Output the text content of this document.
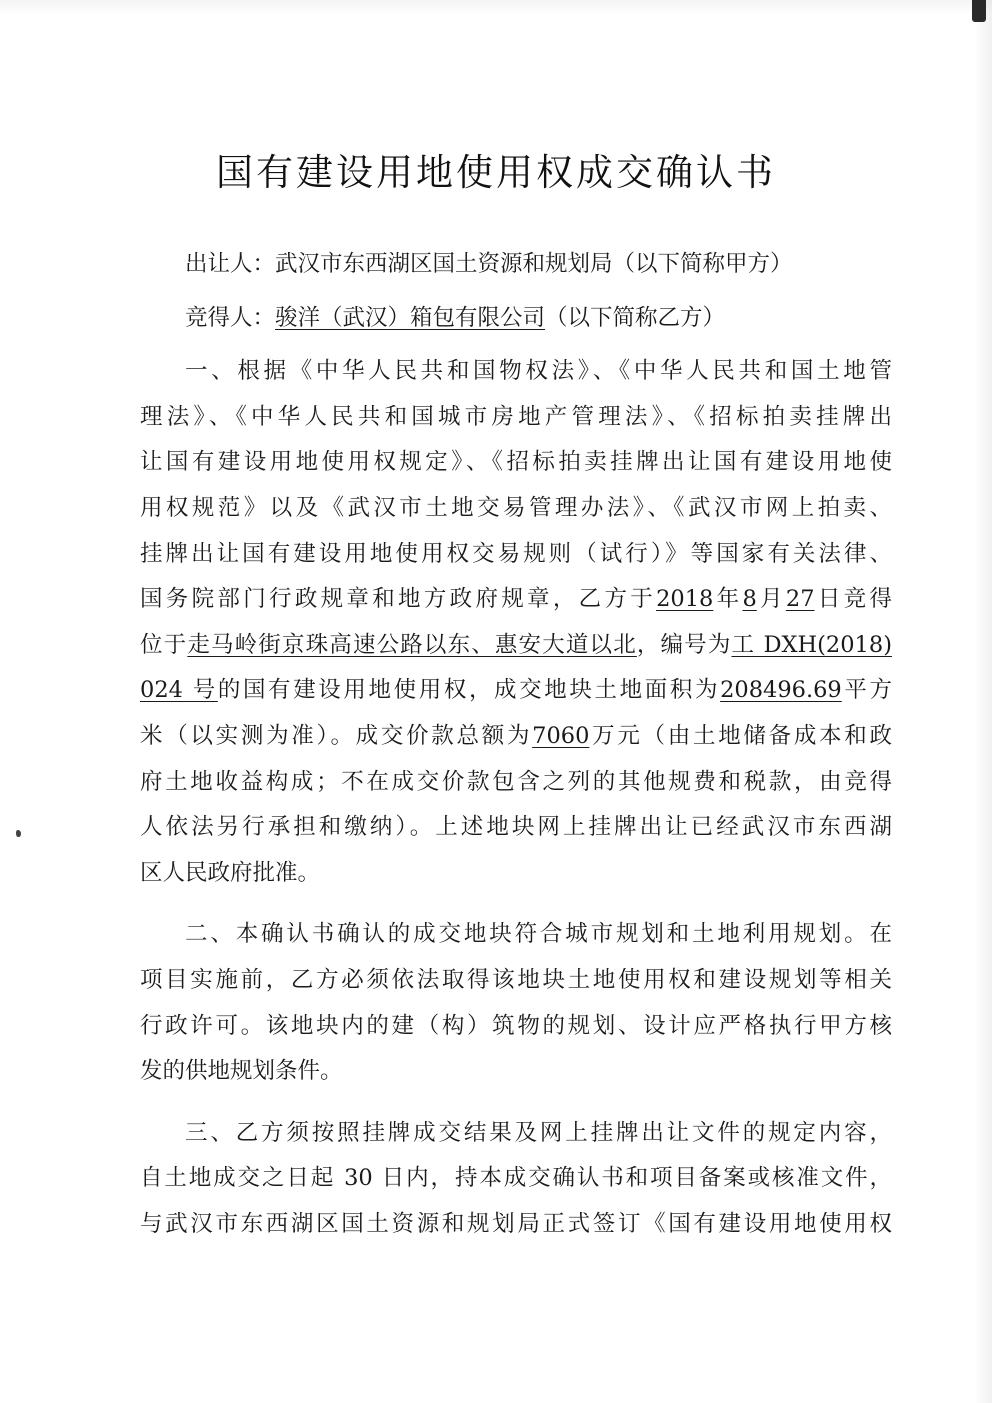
国有建设用地使用权成交确认书
出让人：武汉市东西湖区国土资源和规划局（以下简称甲方）
竞得人：骏洋（武汉）箱包有限公司（以下简称乙方）
一、根据《中华人民共和国物权法》、《中华人民共和国土地管
理法》、《中华人民共和国城市房地产管理法》、《招标拍卖挂牌出
让国有建设用地使用权规定》、《招标拍卖挂牌出让国有建设用地使
用权规范》以及《武汉市土地交易管理办法》、《武汉市网上拍卖、
挂牌出让国有建设用地使用权交易规则（试行）》等国家有关法律、
国务院部门行政规章和地方政府规章，乙方于2018年8月27日竞得
位于走马岭街京珠高速公路以东、惠安大道以北，编号为工 DXH(2018)
024 号的国有建设用地使用权，成交地块土地面积为208496.69平方
米（以实测为准）。成交价款总额为7060万元（由土地储备成本和政
府土地收益构成；不在成交价款包含之列的其他规费和税款，由竞得
人依法另行承担和缴纳）。上述地块网上挂牌出让已经武汉市东西湖
区人民政府批准。
二、本确认书确认的成交地块符合城市规划和土地利用规划。在
项目实施前，乙方必须依法取得该地块土地使用权和建设规划等相关
行政许可。该地块内的建（构）筑物的规划、设计应严格执行甲方核
发的供地规划条件。
三、乙方须按照挂牌成交结果及网上挂牌出让文件的规定内容，
自土地成交之日起 30 日内，持本成交确认书和项目备案或核准文件，
与武汉市东西湖区国土资源和规划局正式签订《国有建设用地使用权
